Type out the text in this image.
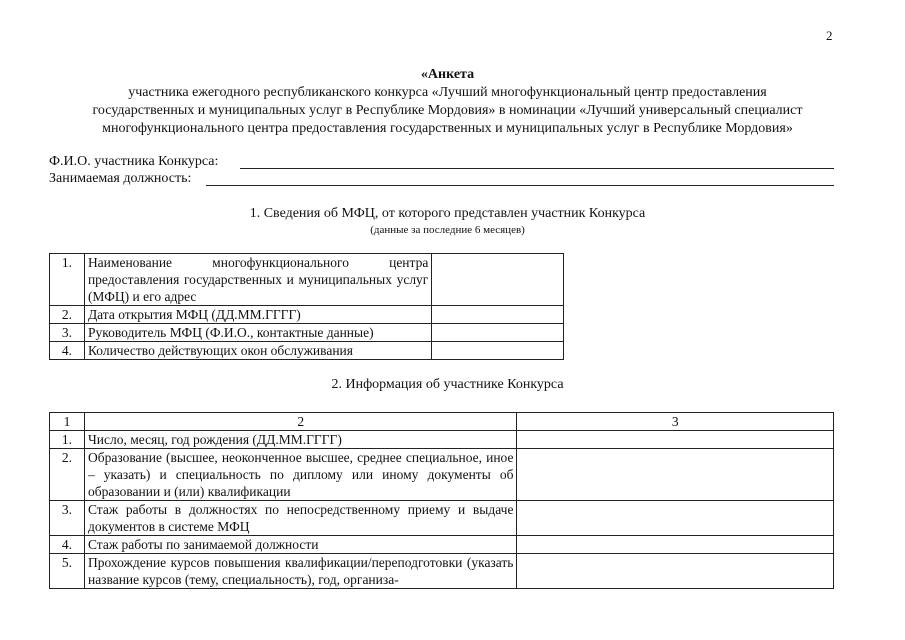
2
«Анкета
участника ежегодного республиканского конкурса «Лучший многофункциональный центр предоставления
государственных и муниципальных услуг в Республике Мордовия» в номинации «Лучший универсальный специалист
многофункционального центра предоставления государственных и муниципальных услуг в Республике Мордовия»
Ф.И.О. участника Конкурса:
Занимаемая должность:
1. Сведения об МФЦ, от которого представлен участник Конкурса
(данные за последние 6 месяцев)
1.	Наименование многофункционального центра предоставления государственных и муниципальных услуг (МФЦ) и его адрес	
2.	Дата открытия МФЦ (ДД.ММ.ГГГГ)	
3.	Руководитель МФЦ (Ф.И.О., контактные данные)	
4.	Количество действующих окон обслуживания	
2. Информация об участнике Конкурса
1	2	3
1.	Число, месяц, год рождения (ДД.ММ.ГГГГ)	
2.	Образование (высшее, неоконченное высшее, среднее специальное, иное – указать) и специальность по диплому или иному документы об образовании и (или) квалификации	
3.	Стаж работы в должностях по непосредственному приему и выдаче документов в системе МФЦ	
4.	Стаж работы по занимаемой должности	
5.	Прохождение курсов повышения квалификации/переподготовки (указать название курсов (тему, специальность), год, организа-	
